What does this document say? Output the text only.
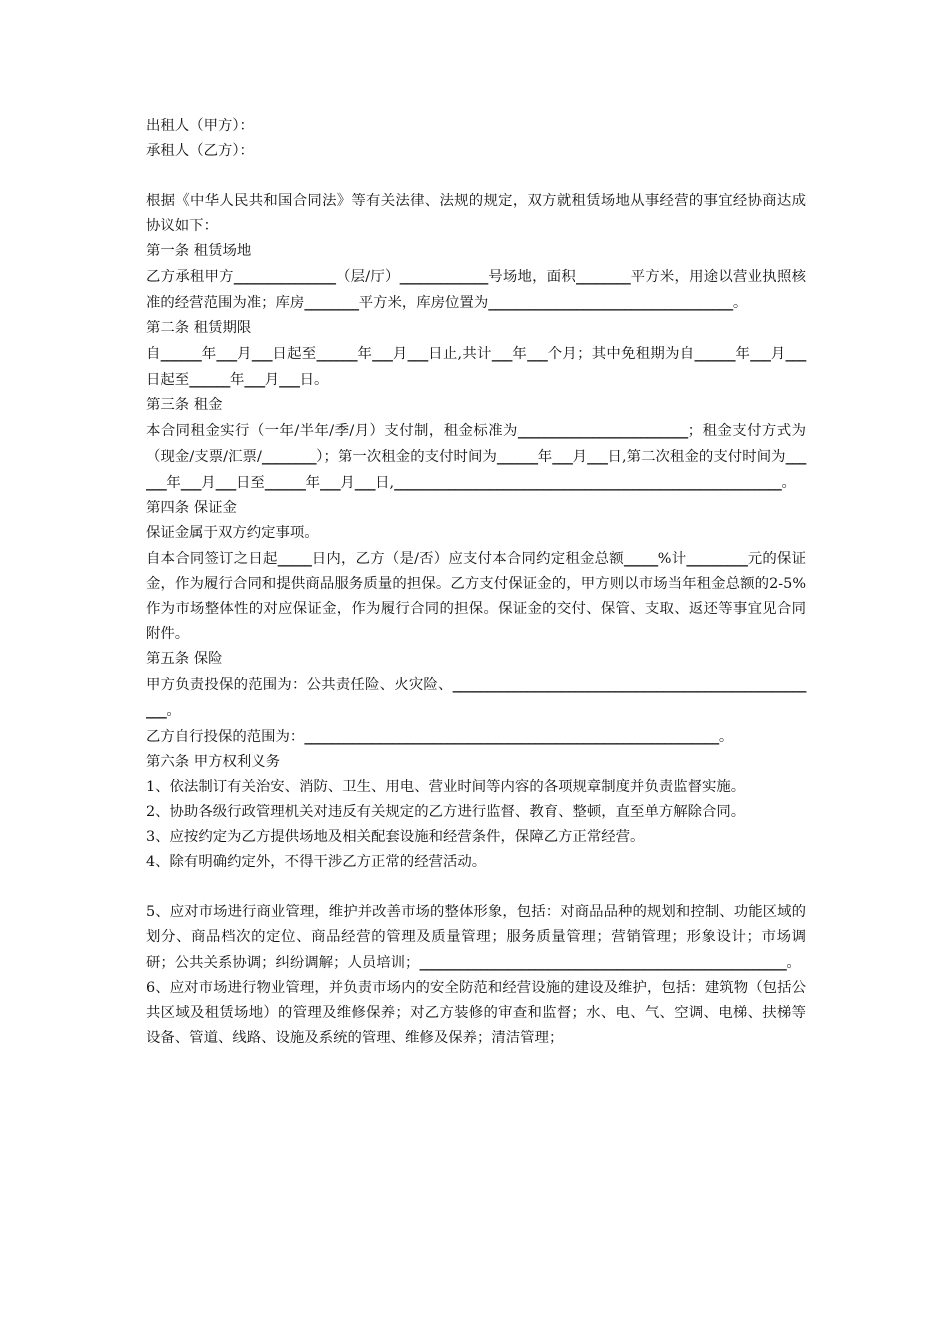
出租人（甲方）：

承租人（乙方）：

根据《中华人民共和国合同法》等有关法律、法规的规定，双方就租赁场地从事经营的事宜经协商达成协议如下：

第一条 租赁场地

乙方承租甲方_______________（层/厅）_____________号场地，面积________平方米，用途以营业执照核准的经营范围为准；库房________平方米，库房位置为____________________________________。

第二条 租赁期限

自______年___月___日起至______年___月___日止,共计___年___个月；其中免租期为自______年___月___日起至______年___月___日。

第三条 租金

本合同租金实行（一年/半年/季/月）支付制，租金标准为_________________________；租金支付方式为（现金/支票/汇票/________）；第一次租金的支付时间为______年___月___日,第二次租金的支付时间为______年___月___日至______年___月___日,_________________________________________________________。

第四条 保证金

保证金属于双方约定事项。

自本合同签订之日起_____日内，乙方（是/否）应支付本合同约定租金总额_____%计_________元的保证金，作为履行合同和提供商品服务质量的担保。乙方支付保证金的，甲方则以市场当年租金总额的2-5%作为市场整体性的对应保证金，作为履行合同的担保。保证金的交付、保管、支取、返还等事宜见合同附件。

第五条 保险

甲方负责投保的范围为：公共责任险、火灾险、_______________________________________________________。

乙方自行投保的范围为：_____________________________________________________________。

第六条 甲方权利义务

1、依法制订有关治安、消防、卫生、用电、营业时间等内容的各项规章制度并负责监督实施。

2、协助各级行政管理机关对违反有关规定的乙方进行监督、教育、整顿，直至单方解除合同。

3、应按约定为乙方提供场地及相关配套设施和经营条件，保障乙方正常经营。

4、除有明确约定外，不得干涉乙方正常的经营活动。

5、应对市场进行商业管理，维护并改善市场的整体形象，包括：对商品品种的规划和控制、功能区域的划分、商品档次的定位、商品经营的管理及质量管理；服务质量管理；营销管理；形象设计；市场调研；公共关系协调；纠纷调解；人员培训；______________________________________________________。

6、应对市场进行物业管理，并负责市场内的安全防范和经营设施的建设及维护，包括：建筑物（包括公共区域及租赁场地）的管理及维修保养；对乙方装修的审查和监督；水、电、气、空调、电梯、扶梯等设备、管道、线路、设施及系统的管理、维修及保养；清洁管理；
